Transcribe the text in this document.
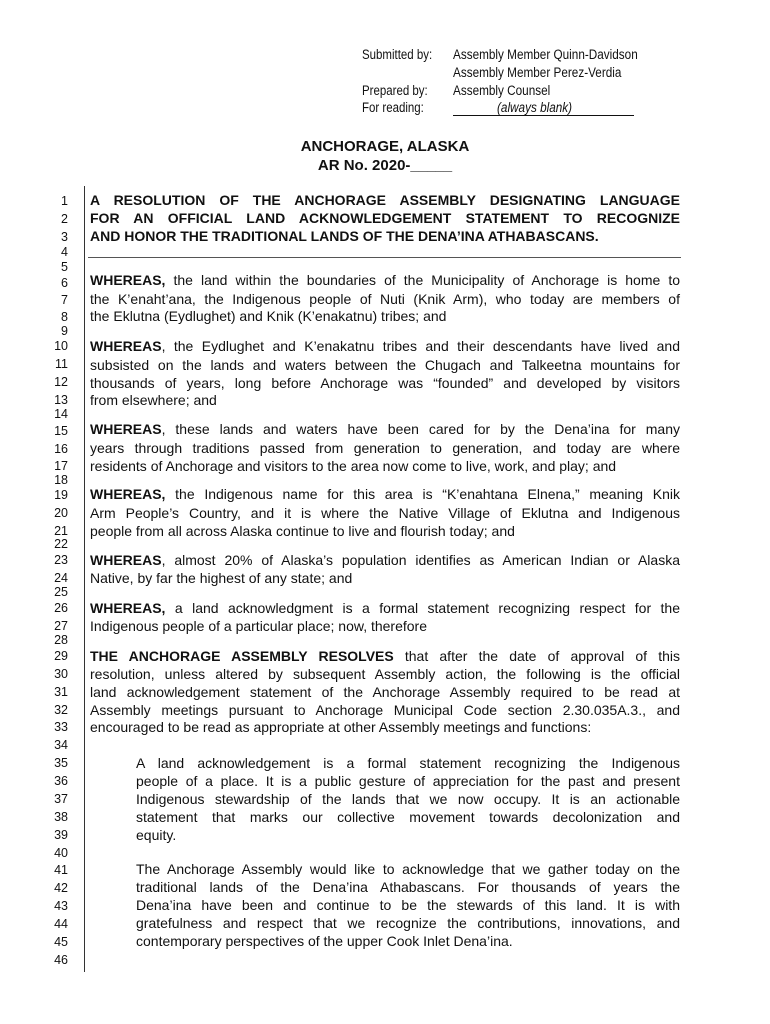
Submitted by: Assembly Member Quinn-Davidson
Assembly Member Perez-Verdia
Prepared by: Assembly Counsel
For reading:	(always blank)
ANCHORAGE, ALASKA
AR No. 2020-_____
1
2
3
4
5
6
7
8
9
10
11
12
13
14
15
16
17
18
19
20
21
22
23
24
25
26
27
28
29
30
31
32
33
34
35
36
37
38
39
40
41
42
43
44
45
46
A RESOLUTION OF THE ANCHORAGE ASSEMBLY DESIGNATING LANGUAGE
FOR AN OFFICIAL LAND ACKNOWLEDGEMENT STATEMENT TO RECOGNIZE
AND HONOR THE TRADITIONAL LANDS OF THE DENA’INA ATHABASCANS.
WHEREAS, the land within the boundaries of the Municipality of Anchorage is home to
the K’enaht’ana, the Indigenous people of Nuti (Knik Arm), who today are members of
the Eklutna (Eydlughet) and Knik (K’enakatnu) tribes; and
WHEREAS, the Eydlughet and K’enakatnu tribes and their descendants have lived and
subsisted on the lands and waters between the Chugach and Talkeetna mountains for
thousands of years, long before Anchorage was “founded” and developed by visitors
from elsewhere; and
WHEREAS, these lands and waters have been cared for by the Dena’ina for many
years through traditions passed from generation to generation, and today are where
residents of Anchorage and visitors to the area now come to live, work, and play; and
WHEREAS, the Indigenous name for this area is “K’enahtana Elnena,” meaning Knik
Arm People’s Country, and it is where the Native Village of Eklutna and Indigenous
people from all across Alaska continue to live and flourish today; and
WHEREAS, almost 20% of Alaska’s population identifies as American Indian or Alaska
Native, by far the highest of any state; and
WHEREAS, a land acknowledgment is a formal statement recognizing respect for the
Indigenous people of a particular place; now, therefore
THE ANCHORAGE ASSEMBLY RESOLVES that after the date of approval of this
resolution, unless altered by subsequent Assembly action, the following is the official
land acknowledgement statement of the Anchorage Assembly required to be read at
Assembly meetings pursuant to Anchorage Municipal Code section 2.30.035A.3., and
encouraged to be read as appropriate at other Assembly meetings and functions:
A land acknowledgement is a formal statement recognizing the Indigenous
people of a place. It is a public gesture of appreciation for the past and present
Indigenous stewardship of the lands that we now occupy. It is an actionable
statement that marks our collective movement towards decolonization and
equity.
The Anchorage Assembly would like to acknowledge that we gather today on the
traditional lands of the Dena’ina Athabascans. For thousands of years the
Dena’ina have been and continue to be the stewards of this land. It is with
gratefulness and respect that we recognize the contributions, innovations, and
contemporary perspectives of the upper Cook Inlet Dena’ina.
